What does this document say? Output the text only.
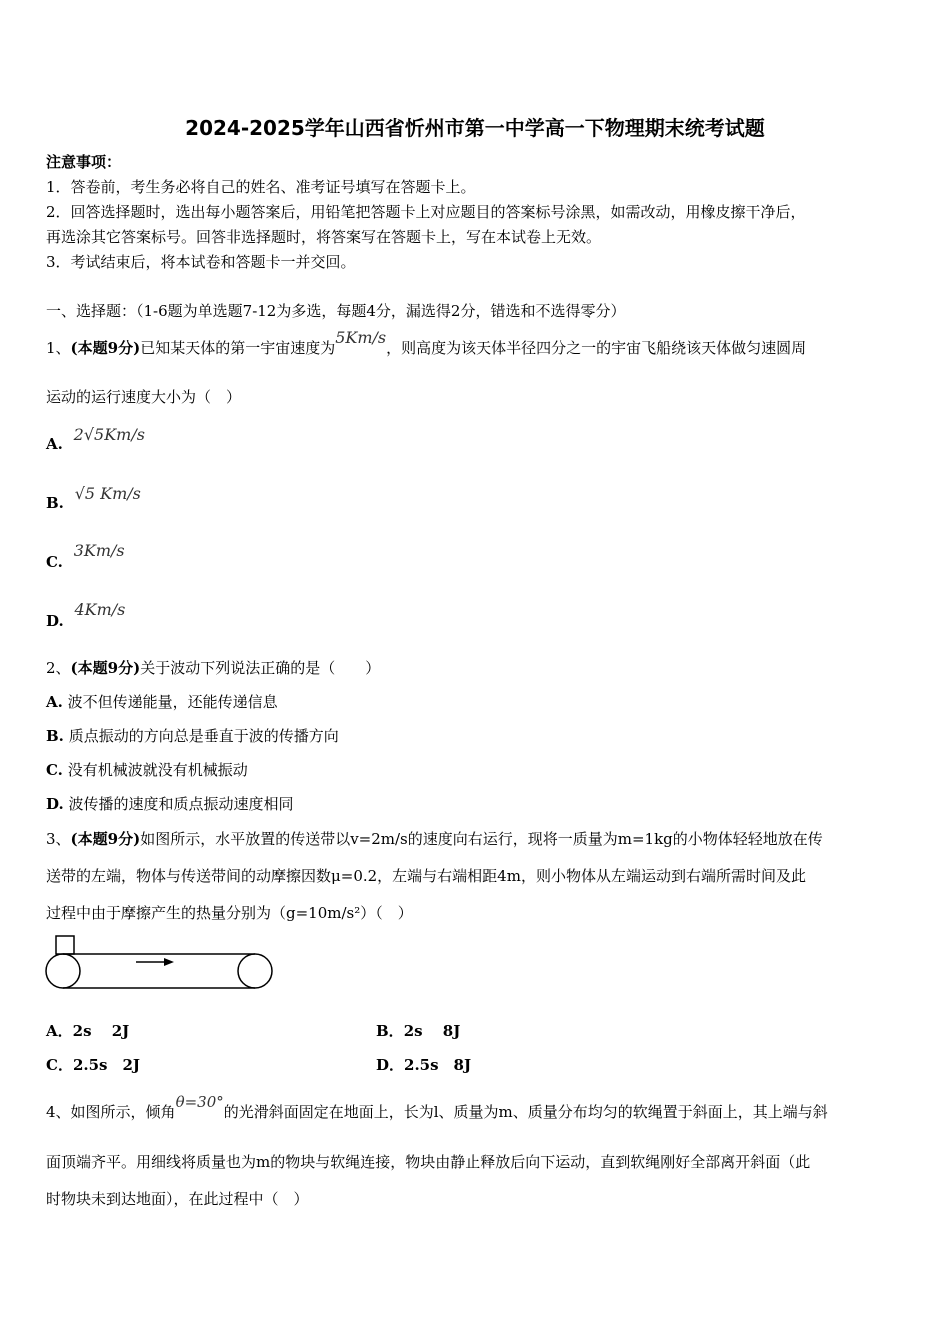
2024-2025学年山西省忻州市第一中学高一下物理期末统考试题
注意事项：
1．答卷前，考生务必将自己的姓名、准考证号填写在答题卡上。
2．回答选择题时，选出每小题答案后，用铅笔把答题卡上对应题目的答案标号涂黑，如需改动，用橡皮擦干净后，
再选涂其它答案标号。回答非选择题时，将答案写在答题卡上，写在本试卷上无效。
3．考试结束后，将本试卷和答题卡一并交回。
一、选择题：（1-6题为单选题7-12为多选，每题4分，漏选得2分，错选和不选得零分）
1、(本题9分)已知某天体的第一宇宙速度为5Km/s，则高度为该天体半径四分之一的宇宙飞船绕该天体做匀速圆周
运动的运行速度大小为（　）
A. 2√5Km/s
B. √5 Km/s
C. 3Km/s
D. 4Km/s
2、(本题9分)关于波动下列说法正确的是（　　）
A. 波不但传递能量，还能传递信息
B. 质点振动的方向总是垂直于波的传播方向
C. 没有机械波就没有机械振动
D. 波传播的速度和质点振动速度相同
3、(本题9分)如图所示，水平放置的传送带以v=2m/s的速度向右运行，现将一质量为m=1kg的小物体轻轻地放在传
送带的左端，物体与传送带间的动摩擦因数μ=0.2，左端与右端相距4m，则小物体从左端运动到右端所需时间及此
过程中由于摩擦产生的热量分别为（g=10m/s²）（　）
A．2s　 2J	B．2s　 8J
C．2.5s　2J	D．2.5s　8J
4、如图所示，倾角θ=30°的光滑斜面固定在地面上，长为l、质量为m、质量分布均匀的软绳置于斜面上，其上端与斜
面顶端齐平。用细线将质量也为m的物块与软绳连接，物块由静止释放后向下运动，直到软绳刚好全部离开斜面（此
时物块未到达地面），在此过程中（　）
